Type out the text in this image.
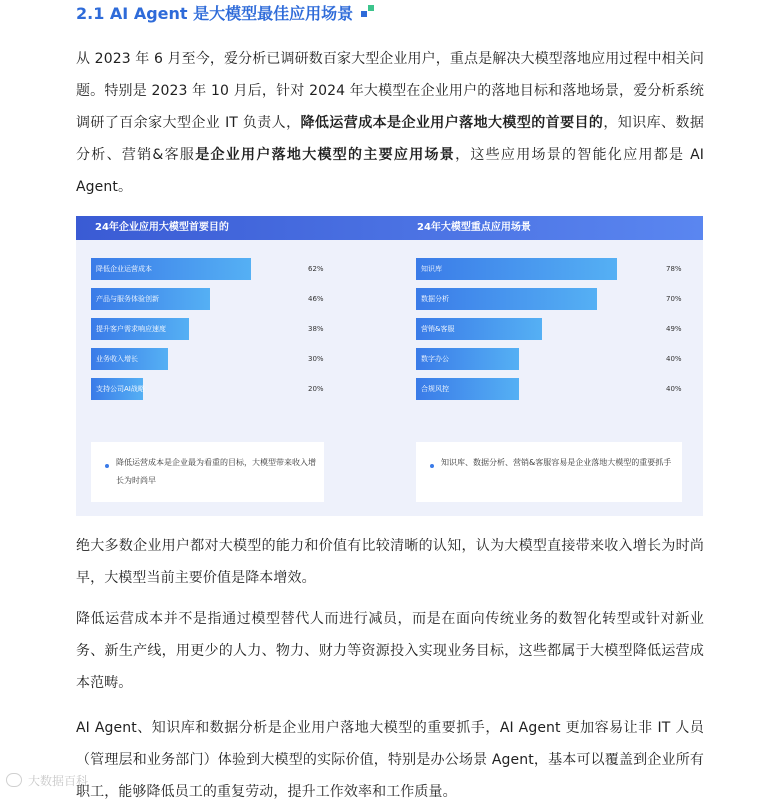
2.1 AI Agent 是大模型最佳应用场景

从 2023 年 6 月至今，爱分析已调研数百家大型企业用户，重点是解决大模型落地应用过程中相关问题。特别是 2023 年 10 月后，针对 2024 年大模型在企业用户的落地目标和落地场景，爱分析系统调研了百余家大型企业 IT 负责人，降低运营成本是企业用户落地大模型的首要目的，知识库、数据分析、营销&客服是企业用户落地大模型的主要应用场景，这些应用场景的智能化应用都是 AI Agent。

24年企业应用大模型首要目的	24年大模型重点应用场景
降低企业运营成本	62%
产品与服务体验创新	46%
提升客户需求响应速度	38%
业务收入增长	30%
支持公司AI战略	20%
知识库	78%
数据分析	70%
营销&客服	49%
数字办公	40%
合规风控	40%
降低运营成本是企业最为看重的目标，大模型带来收入增长为时尚早
知识库、数据分析、营销&客服容易是企业落地大模型的重要抓手

绝大多数企业用户都对大模型的能力和价值有比较清晰的认知，认为大模型直接带来收入增长为时尚早，大模型当前主要价值是降本增效。

降低运营成本并不是指通过模型替代人而进行减员，而是在面向传统业务的数智化转型或针对新业务、新生产线，用更少的人力、物力、财力等资源投入实现业务目标，这些都属于大模型降低运营成本范畴。

AI Agent、知识库和数据分析是企业用户落地大模型的重要抓手，AI Agent 更加容易让非 IT 人员（管理层和业务部门）体验到大模型的实际价值，特别是办公场景 Agent，基本可以覆盖到企业所有职工，能够降低员工的重复劳动，提升工作效率和工作质量。

大数据百科
